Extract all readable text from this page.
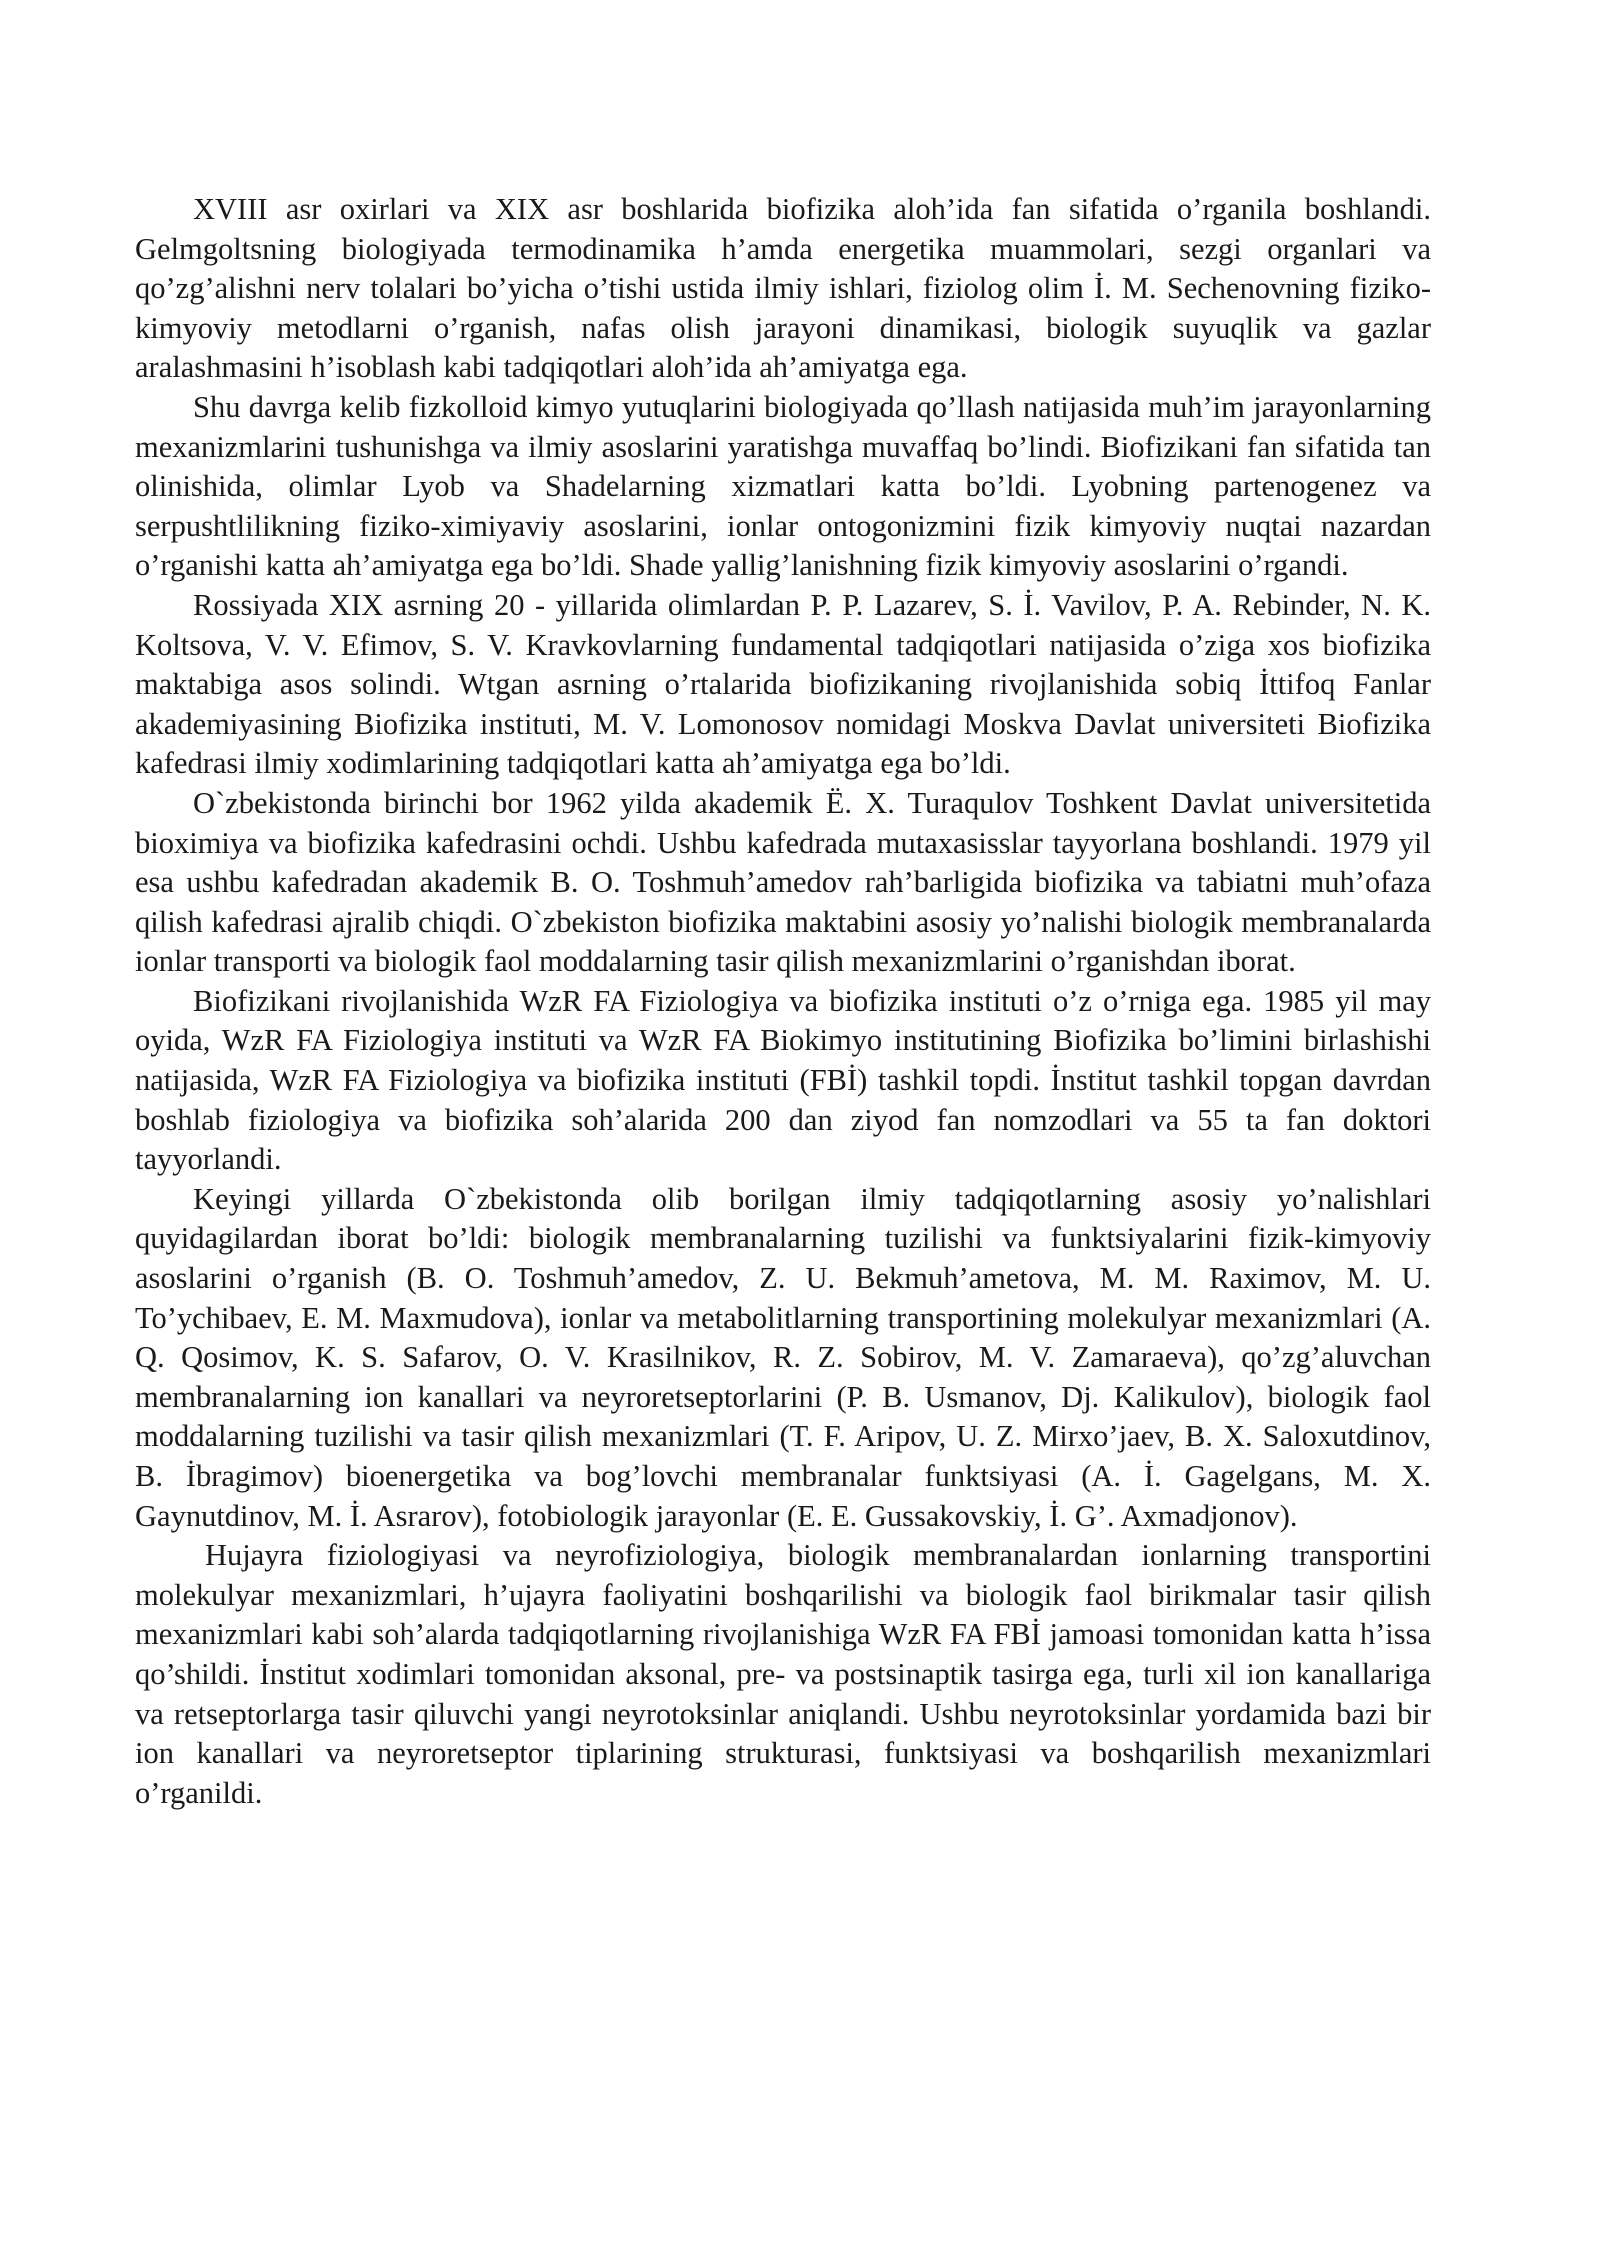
XVIII asr oxirlari va XIX asr boshlarida biofizika aloh’ida fan sifatida o’rganila boshlandi. Gelmgoltsning biologiyada termodinamika h’amda energetika muammolari, sezgi organlari va qo’zg’alishni nerv tolalari bo’yicha o’tishi ustida ilmiy ishlari, fiziolog olim İ. M. Sechenovning fiziko-kimyoviy metodlarni o’rganish, nafas olish jarayoni dinamikasi, biologik suyuqlik va gazlar aralashmasini h’isoblash kabi tadqiqotlari aloh’ida ah’amiyatga ega.

Shu davrga kelib fizkolloid kimyo yutuqlarini biologiyada qo’llash natijasida muh’im jarayonlarning mexanizmlarini tushunishga va ilmiy asoslarini yaratishga muvaffaq bo’lindi. Biofizikani fan sifatida tan olinishida, olimlar Lyob va Shadelarning xizmatlari katta bo’ldi. Lyobning partenogenez va serpushtlilikning fiziko-ximiyaviy asoslarini, ionlar ontogonizmini fizik kimyoviy nuqtai nazardan o’rganishi katta ah’amiyatga ega bo’ldi. Shade yallig’lanishning fizik kimyoviy asoslarini o’rgandi.

Rossiyada XIX asrning 20 - yillarida olimlardan P. P. Lazarev, S. İ. Vavilov, P. A. Rebinder, N. K. Koltsova, V. V. Efimov, S. V. Kravkovlarning fundamental tadqiqotlari natijasida o’ziga xos biofizika maktabiga asos solindi. Wtgan asrning o’rtalarida biofizikaning rivojlanishida sobiq İttifoq Fanlar akademiyasining Biofizika instituti, M. V. Lomonosov nomidagi Moskva Davlat universiteti Biofizika kafedrasi ilmiy xodimlarining tadqiqotlari katta ah’amiyatga ega bo’ldi.

O`zbekistonda birinchi bor 1962 yilda akademik Ë. X. Turaqulov Toshkent Davlat universitetida bioximiya va biofizika kafedrasini ochdi. Ushbu kafedrada mutaxasisslar tayyorlana boshlandi. 1979 yil esa ushbu kafedradan akademik B. O. Toshmuh’amedov rah’barligida biofizika va tabiatni muh’ofaza qilish kafedrasi ajralib chiqdi. O`zbekiston biofizika maktabini asosiy yo’nalishi biologik membranalarda ionlar transporti va biologik faol moddalarning tasir qilish mexanizmlarini o’rganishdan iborat.

Biofizikani rivojlanishida WzR FA Fiziologiya va biofizika instituti o’z o’rniga ega. 1985 yil may oyida, WzR FA Fiziologiya instituti va WzR FA Biokimyo institutining Biofizika bo’limini birlashishi natijasida, WzR FA Fiziologiya va biofizika instituti (FBİ) tashkil topdi. İnstitut tashkil topgan davrdan boshlab fiziologiya va biofizika soh’alarida 200 dan ziyod fan nomzodlari va 55 ta fan doktori tayyorlandi.

Keyingi yillarda O`zbekistonda olib borilgan ilmiy tadqiqotlarning asosiy yo’nalishlari quyidagilardan iborat bo’ldi: biologik membranalarning tuzilishi va funktsiyalarini fizik-kimyoviy asoslarini o’rganish (B. O. Toshmuh’amedov, Z. U. Bekmuh’ametova, M. M. Raximov, M. U. To’ychibaev, E. M. Maxmudova), ionlar va metabolitlarning transportining molekulyar mexanizmlari (A. Q. Qosimov, K. S. Safarov, O. V. Krasilnikov, R. Z. Sobirov, M. V. Zamaraeva), qo’zg’aluvchan membranalarning ion kanallari va neyroretseptorlarini (P. B. Usmanov, Dj. Kalikulov), biologik faol moddalarning tuzilishi va tasir qilish mexanizmlari (T. F. Aripov, U. Z. Mirxo’jaev, B. X. Saloxutdinov, B. İbragimov) bioenergetika va bog’lovchi membranalar funktsiyasi (A. İ. Gagelgans, M. X. Gaynutdinov, M. İ. Asrarov), fotobiologik jarayonlar (E. E. Gussakovskiy, İ. G’. Axmadjonov).

Hujayra fiziologiyasi va neyrofiziologiya, biologik membranalardan ionlarning transportini molekulyar mexanizmlari, h’ujayra faoliyatini boshqarilishi va biologik faol birikmalar tasir qilish mexanizmlari kabi soh’alarda tadqiqotlarning rivojlanishiga WzR FA FBİ jamoasi tomonidan katta h’issa qo’shildi. İnstitut xodimlari tomonidan aksonal, pre- va postsinaptik tasirga ega, turli xil ion kanallariga va retseptorlarga tasir qiluvchi yangi neyrotoksinlar aniqlandi. Ushbu neyrotoksinlar yordamida bazi bir ion kanallari va neyroretseptor tiplarining strukturasi, funktsiyasi va boshqarilish mexanizmlari o’rganildi.
